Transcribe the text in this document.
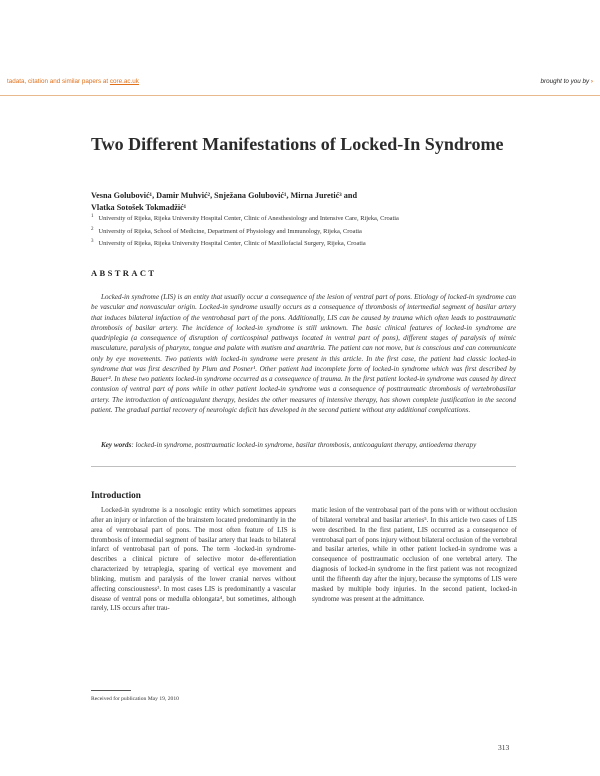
tadata, citation and similar papers at core.ac.uk	brought to you by ›
Two Different Manifestations of Locked-In Syndrome
Vesna Golubović¹, Damir Muhvić², Snježana Golubović¹, Mirna Juretić³ and
Vlatka Sotošek Tokmadžić¹
$^1$ University of Rijeka, Rijeka University Hospital Center, Clinic of Anesthesiology and Intensive Care, Rijeka, Croatia
$^2$ University of Rijeka, School of Medicine, Department of Physiology and Immunology, Rijeka, Croatia
$^3$ University of Rijeka, Rijeka University Hospital Center, Clinic of Maxillofacial Surgery, Rijeka, Croatia
ABSTRACT
Locked-in syndrome (LIS) is an entity that usually occur a consequence of the lesion of ventral part of pons. Etiology of locked-in syndrome can be vascular and nonvascular origin. Locked-in syndrome usually occurs as a consequence of thrombosis of intermedial segment of basilar artery that induces bilateral infaction of the ventrobasal part of the pons. Additionally, LIS can be caused by trauma which often leads to posttraumatic thrombosis of basilar artery. The incidence of locked-in syndrome is still unknown. The basic clinical features of locked-in syndrome are quadriplegia (a consequence of disruption of corticospinal pathways located in ventral part of pons), different stages of paralysis of mimic musculature, paralysis of pharynx, tongue and palate with mutism and anarthria. The patient can not move, but is conscious and can communicate only by eye movements. Two patients with locked-in syndrome were present in this article. In the first case, the patient had classic locked-in syndrome that was first described by Plum and Posner¹. Other patient had incomplete form of locked-in syndrome which was first described by Bauer². In these two patients locked-in syndrome occurred as a consequence of trauma. In the first patient locked-in syndrome was caused by direct contusion of ventral part of pons while in other patient locked-in syndrome was a consequence of posttraumatic thrombosis of vertebrobasilar artery. The introduction of anticoagulant therapy, besides the other measures of intensive therapy, has shown complete justification in the second patient. The gradual partial recovery of neurologic deficit has developed in the second patient without any additional complications.
Key words: locked-in syndrome, posttraumatic locked-in syndrome, basilar thrombosis, anticoagulant therapy, antioedema therapy
Introduction

Locked-in syndrome is a nosologic entity which sometimes appears after an injury or infarction of the brainstem located predominantly in the area of ventrobasal part of pons. The most often feature of LIS is thrombosis of intermedial segment of basilar artery that leads to bilateral infarct of ventrobasal part of pons. The term -locked-in syndrome- describes a clinical picture of selective motor de-efferentiation characterized by tetraplegia, sparing of vertical eye movement and blinking, mutism and paralysis of the lower cranial nerves without affecting consciousness³. In most cases LIS is predominantly a vascular disease of ventral pons or medulla oblongata⁴, but sometimes, although rarely, LIS occurs after trau-

matic lesion of the ventrobasal part of the pons with or without occlusion of bilateral vertebral and basilar arteries⁵. In this article two cases of LIS were described. In the first patient, LIS occurred as a consequence of ventrobasal part of pons injury without bilateral occlusion of the vertebral and basilar arteries, while in other patient locked-in syndrome was a consequence of posttraumatic occlusion of one vertebral artery. The diagnosis of locked-in syndrome in the first patient was not recognized until the fifteenth day after the injury, because the symptoms of LIS were masked by multiple body injuries. In the second patient, locked-in syndrome was present at the admittance.

Received for publication May 19, 2010
313
